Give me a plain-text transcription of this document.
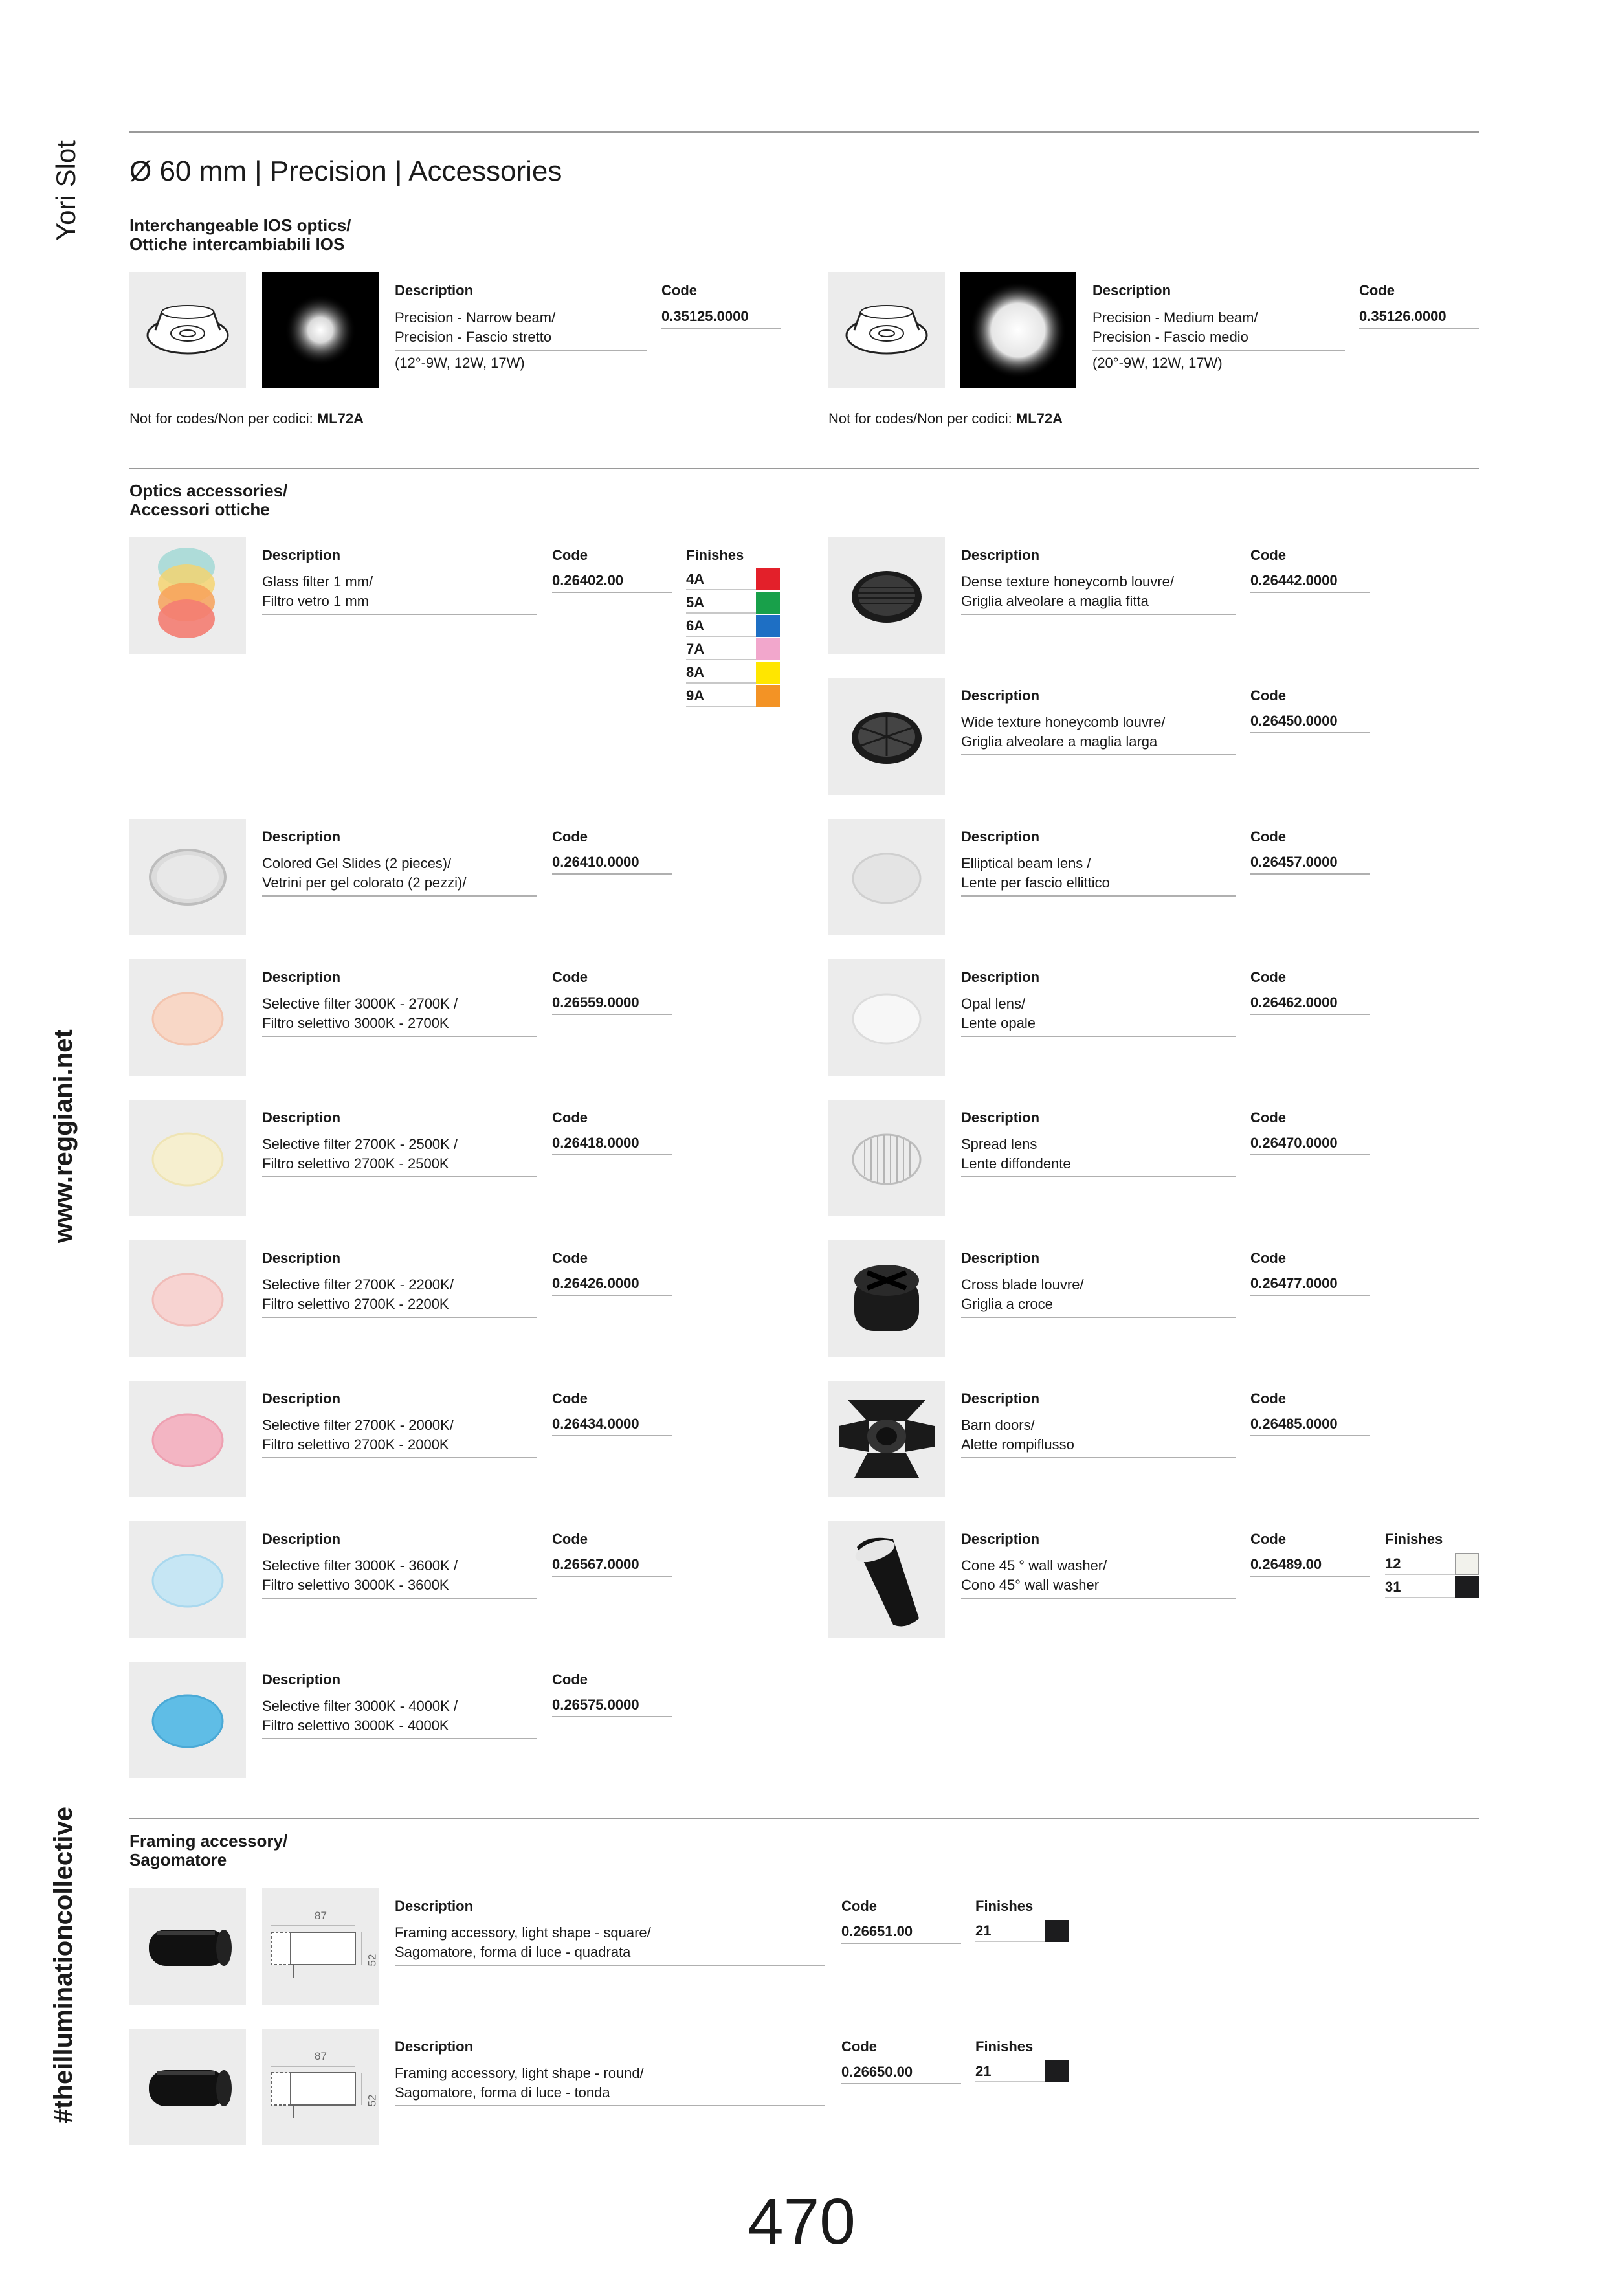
Yori Slot
www.reggiani.net
#theilluminationcollective
Ø 60 mm | Precision | Accessories
Interchangeable IOS optics/
Ottiche intercambiabili IOS
Description
Precision - Narrow beam/
Precision - Fascio stretto
(12°-9W, 12W, 17W)
Code
0.35125.0000
Not for codes/Non per codici: ML72A
Description
Precision - Medium beam/
Precision - Fascio medio
(20°-9W, 12W, 17W)
Code
0.35126.0000
Not for codes/Non per codici: ML72A
Optics accessories/
Accessori ottiche
Description
Glass filter 1 mm/
Filtro vetro 1 mm
Code
0.26402.00
Finishes
4A
5A
6A
7A
8A
9A
Description
Colored Gel Slides (2 pieces)/
Vetrini per gel colorato (2 pezzi)/
Code
0.26410.0000
Description
Selective filter 3000K - 2700K /
Filtro selettivo 3000K - 2700K
Code
0.26559.0000
Description
Selective filter 2700K - 2500K /
Filtro selettivo 2700K - 2500K
Code
0.26418.0000
Description
Selective filter 2700K - 2200K/
Filtro selettivo 2700K - 2200K
Code
0.26426.0000
Description
Selective filter 2700K - 2000K/
Filtro selettivo 2700K - 2000K
Code
0.26434.0000
Description
Selective filter 3000K - 3600K /
Filtro selettivo 3000K - 3600K
Code
0.26567.0000
Description
Selective filter 3000K - 4000K /
Filtro selettivo 3000K - 4000K
Code
0.26575.0000
Description
Dense texture honeycomb louvre/
Griglia alveolare a maglia fitta
Code
0.26442.0000
Description
Wide texture honeycomb louvre/
Griglia alveolare a maglia larga
Code
0.26450.0000
Description
Elliptical beam lens /
Lente per fascio ellittico
Code
0.26457.0000
Description
Opal lens/
Lente opale
Code
0.26462.0000
Description
Spread lens
Lente diffondente
Code
0.26470.0000
Description
Cross blade louvre/
Griglia a croce
Code
0.26477.0000
Description
Barn doors/
Alette rompiflusso
Code
0.26485.0000
Description
Cone 45 ° wall washer/
Cono 45° wall washer
Code
0.26489.00
Finishes
12
31
Framing accessory/
Sagomatore
87
52
Description
Framing accessory, light shape - square/
Sagomatore, forma di luce - quadrata
Code
0.26651.00
Finishes
21
87
52
Description
Framing accessory, light shape - round/
Sagomatore, forma di luce - tonda
Code
0.26650.00
Finishes
21
470
